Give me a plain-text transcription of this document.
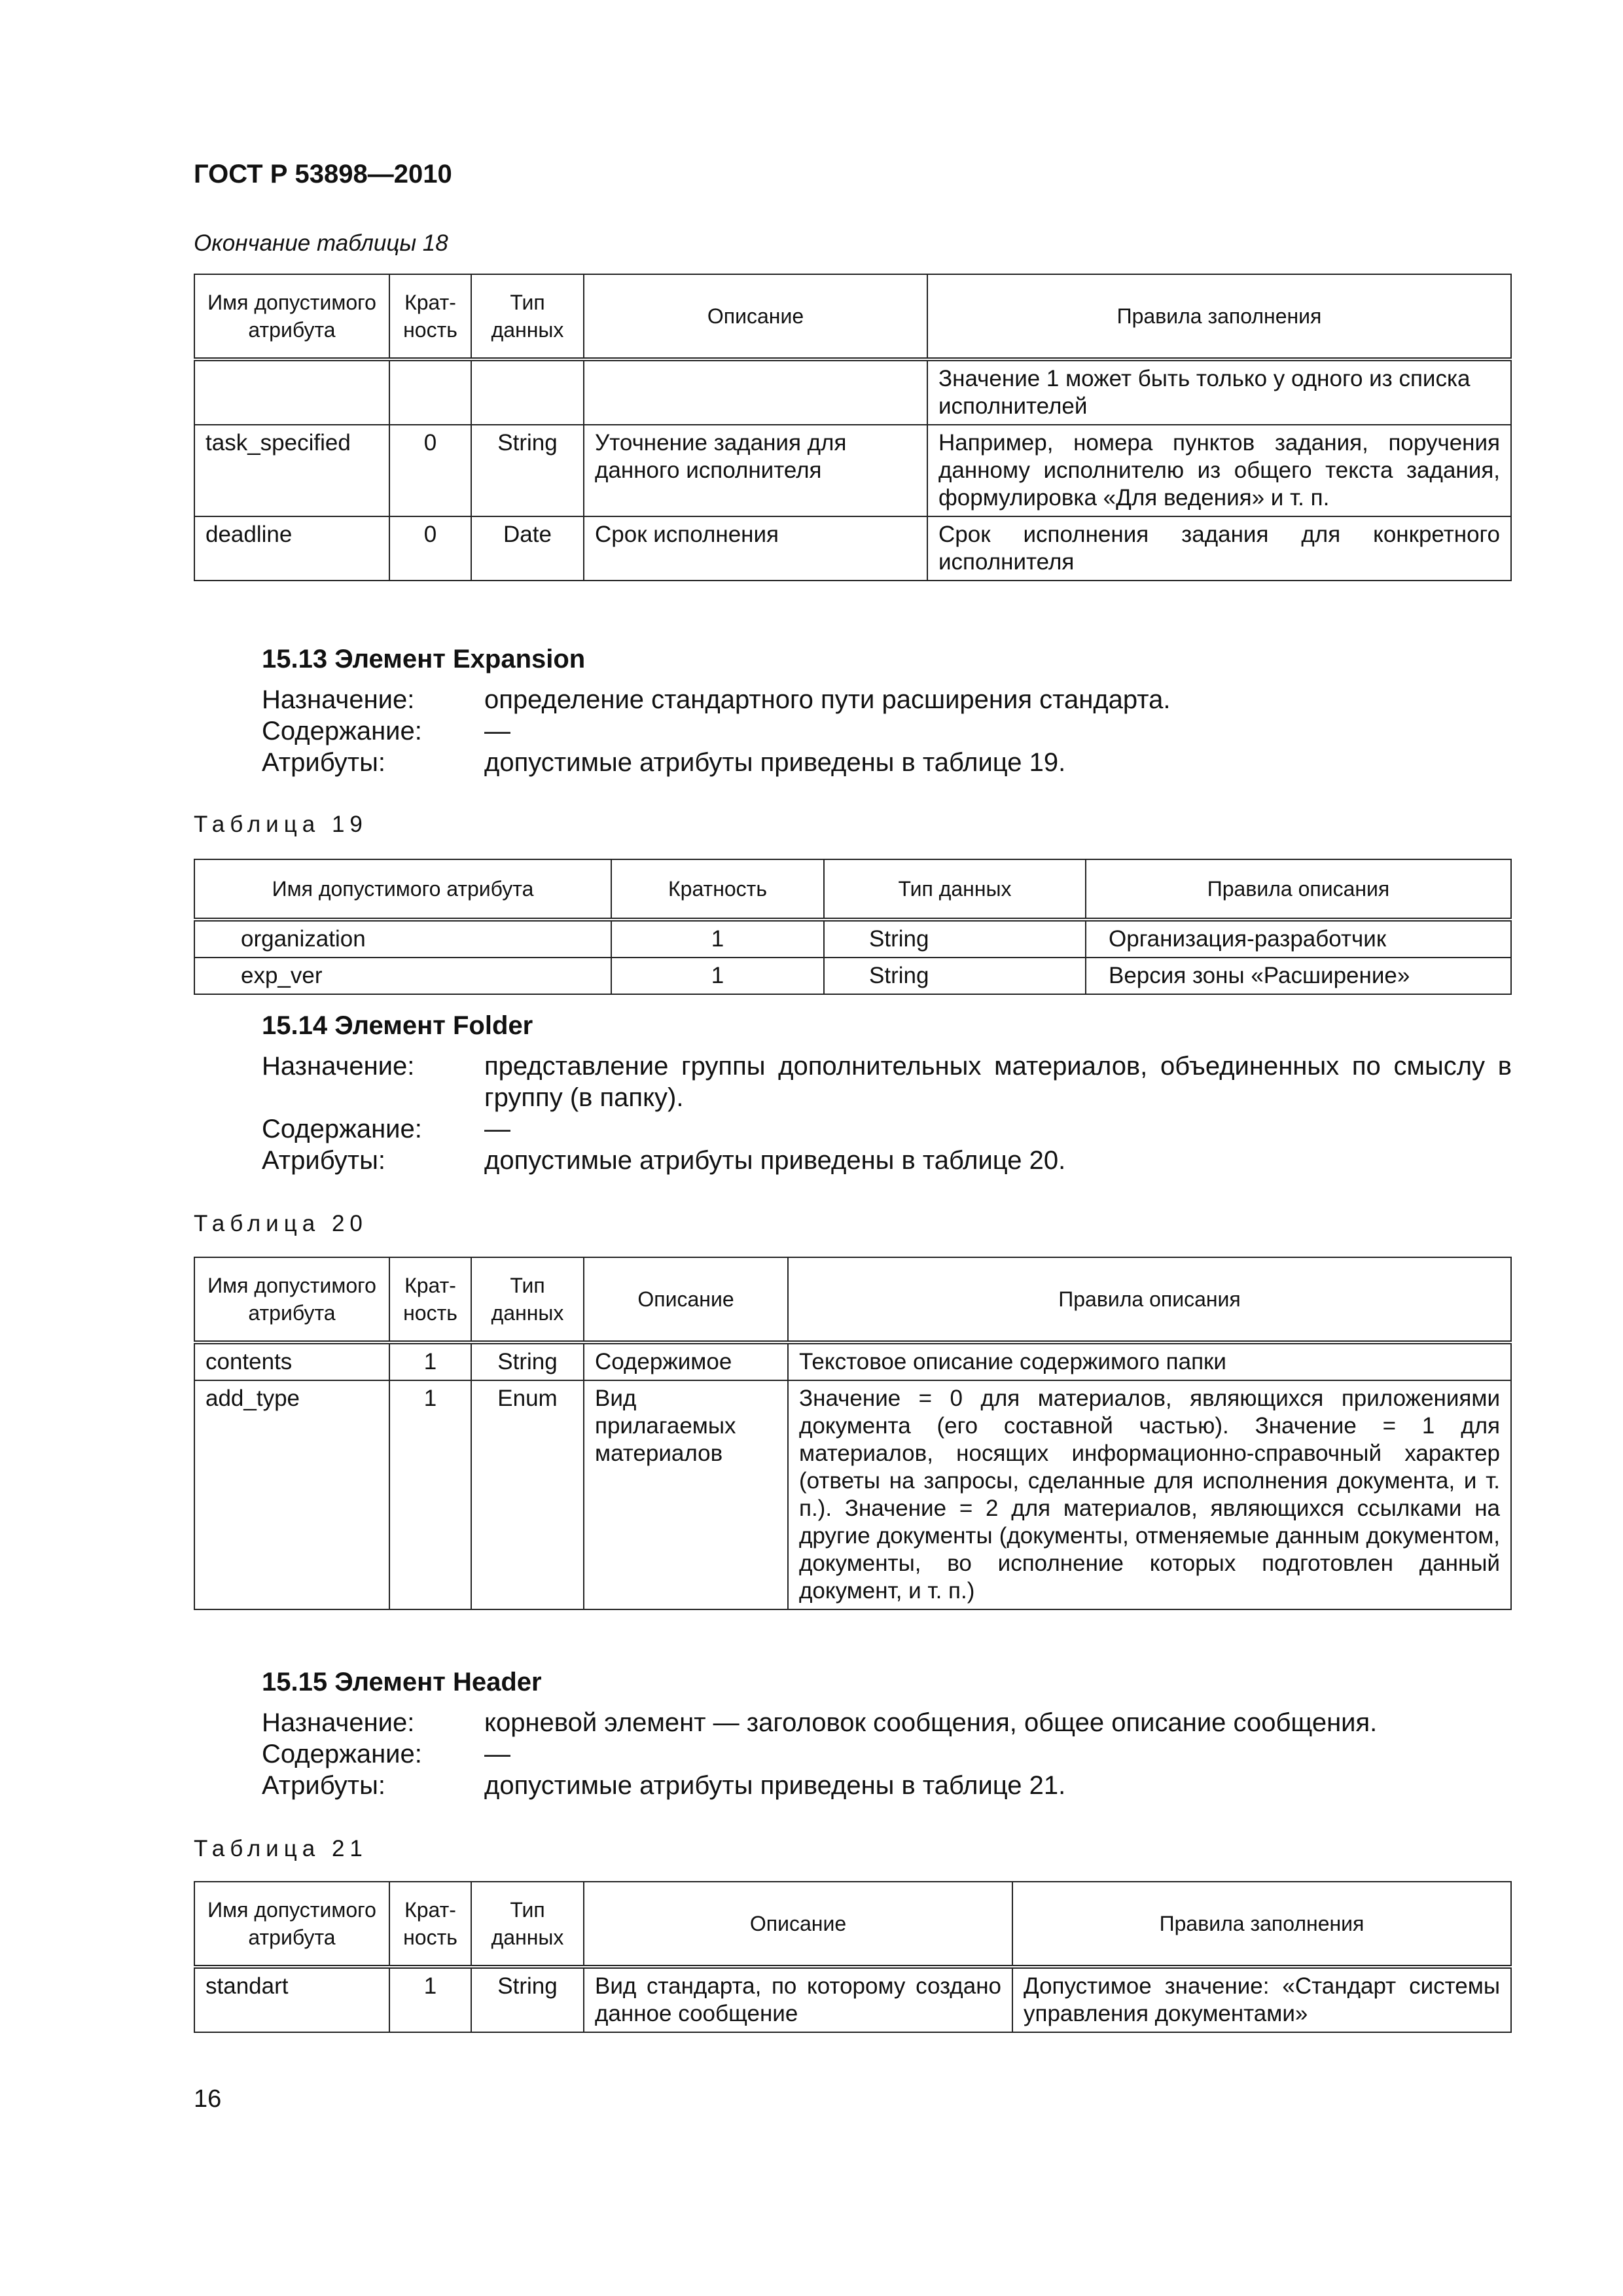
ГОСТ Р 53898—2010
Окончание таблицы 18
Имя допустимого атрибута	Крат-ность	Тип данных	Описание	Правила заполнения
				Значение 1 может быть только у одного из списка исполнителей
task_specified	0	String	Уточнение задания для данного исполнителя	Например, номера пунктов задания, поручения данному исполнителю из общего текста задания, формулировка «Для ведения» и т. п.
deadline	0	Date	Срок исполнения	Срок исполнения задания для конкретного исполнителя
15.13 Элемент Expansion
Назначение:	определение стандартного пути расширения стандарта.
Содержание: —
Атрибуты:	допустимые атрибуты приведены в таблице 19.
Таблица 19
Имя допустимого атрибута	Кратность	Тип данных	Правила описания
organization	1	String	Организация-разработчик
exp_ver	1	String	Версия зоны «Расширение»
15.14 Элемент Folder
Назначение:	представление группы дополнительных материалов, объединенных по смыслу в группу (в папку).
Содержание: —
Атрибуты:	допустимые атрибуты приведены в таблице 20.
Таблица 20
Имя допустимого атрибута	Крат-ность	Тип данных	Описание	Правила описания
contents	1	String	Содержимое	Текстовое описание содержимого папки
add_type	1	Enum	Вид прилагаемых материалов	Значение = 0 для материалов, являющихся приложениями документа (его составной частью). Значение = 1 для материалов, носящих информационно-справочный характер (ответы на запросы, сделанные для исполнения документа, и т. п.). Значение = 2 для материалов, являющихся ссылками на другие документы (документы, отменяемые данным документом, документы, во исполнение которых подготовлен данный документ, и т. п.)
15.15 Элемент Header
Назначение:	корневой элемент — заголовок сообщения, общее описание сообщения.
Содержание: —
Атрибуты:	допустимые атрибуты приведены в таблице 21.
Таблица 21
Имя допустимого атрибута	Крат-ность	Тип данных	Описание	Правила заполнения
standart	1	String	Вид стандарта, по которому создано данное сообщение	Допустимое значение: «Стандарт системы управления документами»
16
